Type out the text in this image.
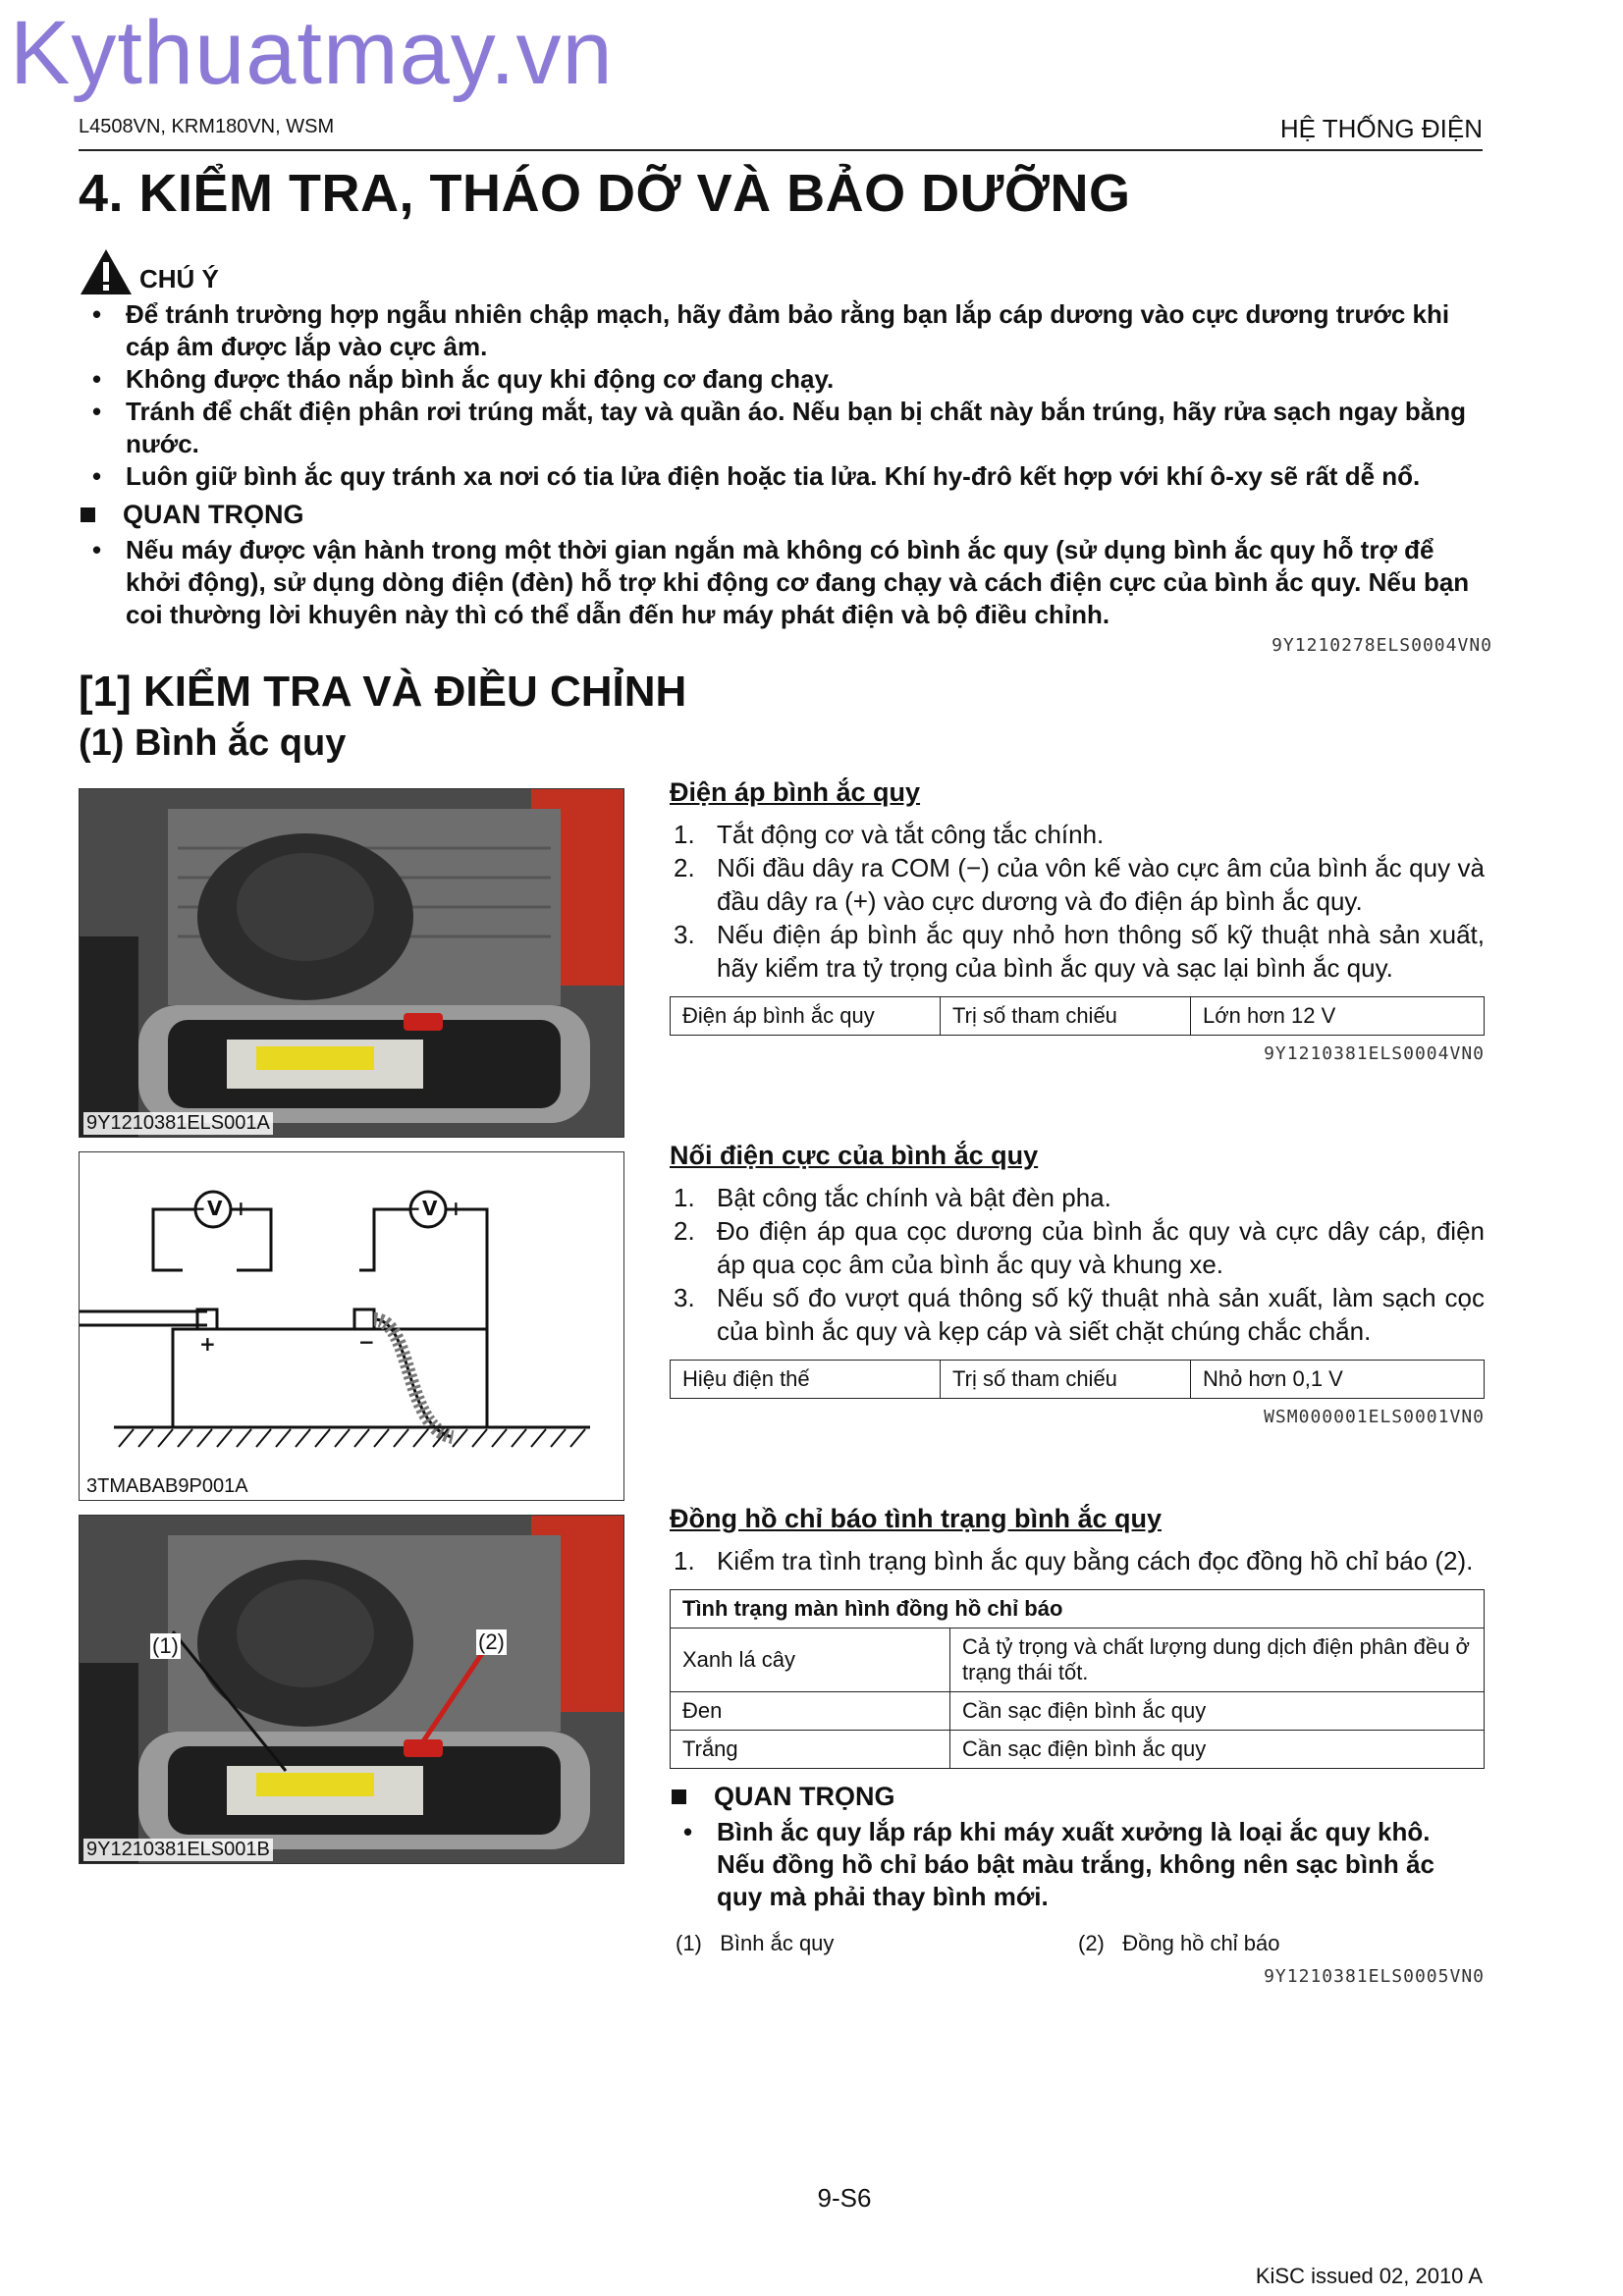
Kythuatmay.vn
L4508VN, KRM180VN, WSM	HỆ THỐNG ĐIỆN
4. KIỂM TRA, THÁO DỠ VÀ BẢO DƯỠNG
CHÚ Ý
• Để tránh trường hợp ngẫu nhiên chập mạch, hãy đảm bảo rằng bạn lắp cáp dương vào cực dương trước khi cáp âm được lắp vào cực âm.
• Không được tháo nắp bình ắc quy khi động cơ đang chạy.
• Tránh để chất điện phân rơi trúng mắt, tay và quần áo. Nếu bạn bị chất này bắn trúng, hãy rửa sạch ngay bằng nước.
• Luôn giữ bình ắc quy tránh xa nơi có tia lửa điện hoặc tia lửa. Khí hy-đrô kết hợp với khí ô-xy sẽ rất dễ nổ.
QUAN TRỌNG
• Nếu máy được vận hành trong một thời gian ngắn mà không có bình ắc quy (sử dụng bình ắc quy hỗ trợ để khởi động), sử dụng dòng điện (đèn) hỗ trợ khi động cơ đang chạy và cách điện cực của bình ắc quy. Nếu bạn coi thường lời khuyên này thì có thể dẫn đến hư máy phát điện và bộ điều chỉnh.
9Y1210278ELS0004VN0
[1] KIỂM TRA VÀ ĐIỀU CHỈNH
(1) Bình ắc quy
9Y1210381ELS001A
V	V
− +	− +
+	−
3TMABAB9P001A
(1)	(2)
9Y1210381ELS001B
Điện áp bình ắc quy
1. Tắt động cơ và tắt công tắc chính.
2. Nối đầu dây ra COM (−) của vôn kế vào cực âm của bình ắc quy và đầu dây ra (+) vào cực dương và đo điện áp bình ắc quy.
3. Nếu điện áp bình ắc quy nhỏ hơn thông số kỹ thuật nhà sản xuất, hãy kiểm tra tỷ trọng của bình ắc quy và sạc lại bình ắc quy.
Điện áp bình ắc quy	Trị số tham chiếu	Lớn hơn 12 V
9Y1210381ELS0004VN0
Nối điện cực của bình ắc quy
1. Bật công tắc chính và bật đèn pha.
2. Đo điện áp qua cọc dương của bình ắc quy và cực dây cáp, điện áp qua cọc âm của bình ắc quy và khung xe.
3. Nếu số đo vượt quá thông số kỹ thuật nhà sản xuất, làm sạch cọc của bình ắc quy và kẹp cáp và siết chặt chúng chắc chắn.
Hiệu điện thế	Trị số tham chiếu	Nhỏ hơn 0,1 V
WSM000001ELS0001VN0
Đồng hồ chỉ báo tình trạng bình ắc quy
1. Kiểm tra tình trạng bình ắc quy bằng cách đọc đồng hồ chỉ báo (2).
Tình trạng màn hình đồng hồ chỉ báo	
Xanh lá cây	Cả tỷ trọng và chất lượng dung dịch điện phân đều ở trạng thái tốt.
Đen	Cần sạc điện bình ắc quy
Trắng	Cần sạc điện bình ắc quy
QUAN TRỌNG
• Bình ắc quy lắp ráp khi máy xuất xưởng là loại ắc quy khô. Nếu đồng hồ chỉ báo bật màu trắng, không nên sạc bình ắc quy mà phải thay bình mới.
(1) Bình ắc quy	(2) Đồng hồ chỉ báo
9Y1210381ELS0005VN0
9-S6
KiSC issued 02, 2010 A
